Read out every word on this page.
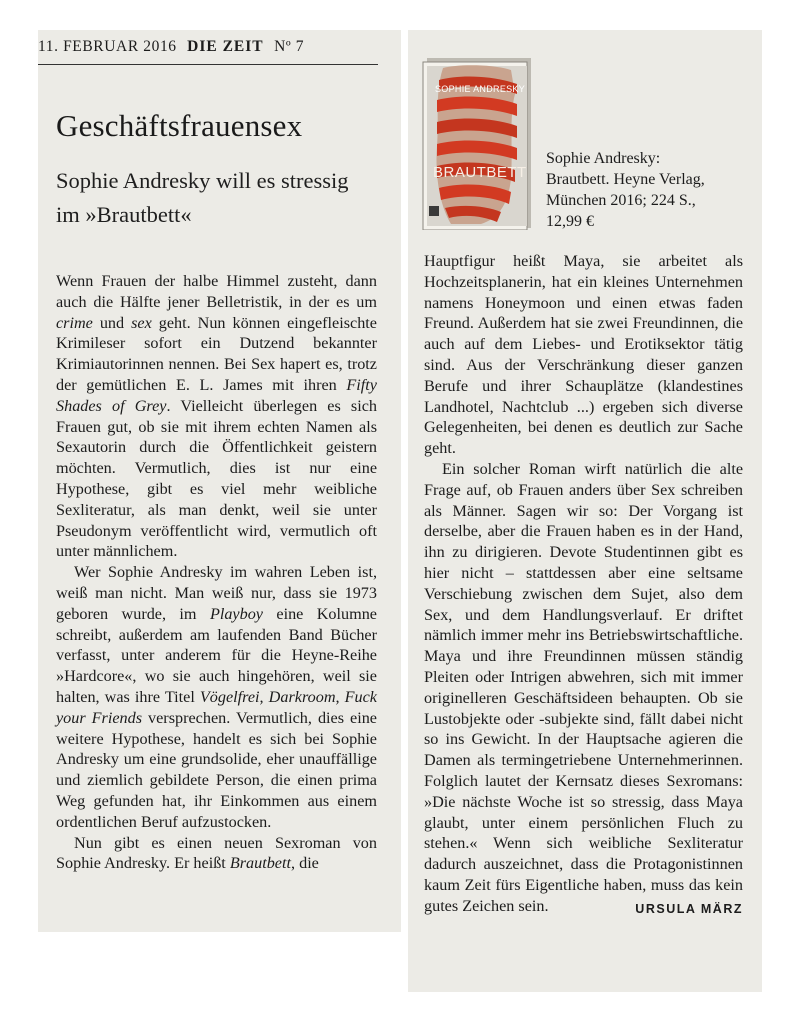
11. FEBRUAR 2016 DIE ZEIT Nº 7
Geschäftsfrauensex
Sophie Andresky will es stressig im »Brautbett«

Wenn Frauen der halbe Himmel zusteht, dann auch die Hälfte jener Belletristik, in der es um crime und sex geht. Nun können eingefleischte Krimileser sofort ein Dutzend bekannter Krimiautorinnen nennen. Bei Sex hapert es, trotz der gemütlichen E. L. James mit ihren Fifty Shades of Grey. Vielleicht überlegen es sich Frauen gut, ob sie mit ihrem echten Namen als Sexautorin durch die Öffentlichkeit geistern möchten. Vermutlich, dies ist nur eine Hypothese, gibt es viel mehr weibliche Sexliteratur, als man denkt, weil sie unter Pseudonym veröffentlicht wird, vermutlich oft unter männlichem.

Wer Sophie Andresky im wahren Leben ist, weiß man nicht. Man weiß nur, dass sie 1973 geboren wurde, im Playboy eine Kolumne schreibt, außerdem am laufenden Band Bücher verfasst, unter anderem für die Heyne-Reihe »Hardcore«, wo sie auch hingehören, weil sie halten, was ihre Titel Vögelfrei, Darkroom, Fuck your Friends versprechen. Vermutlich, dies eine weitere Hypothese, handelt es sich bei Sophie Andresky um eine grundsolide, eher unauffällige und ziemlich gebildete Person, die einen prima Weg gefunden hat, ihr Einkommen aus einem ordentlichen Beruf aufzustocken.

Nun gibt es einen neuen Sexroman von Sophie Andresky. Er heißt Brautbett, die

SOPHIE ANDRESKY
BRAUTBETT
Sophie Andresky:
Brautbett. Heyne Verlag,
München 2016; 224 S.,
12,99 €

Hauptfigur heißt Maya, sie arbeitet als Hochzeitsplanerin, hat ein kleines Unternehmen namens Honeymoon und einen etwas faden Freund. Außerdem hat sie zwei Freundinnen, die auch auf dem Liebes- und Erotiksektor tätig sind. Aus der Verschränkung dieser ganzen Berufe und ihrer Schauplätze (klandestines Landhotel, Nachtclub ...) ergeben sich diverse Gelegenheiten, bei denen es deutlich zur Sache geht.

Ein solcher Roman wirft natürlich die alte Frage auf, ob Frauen anders über Sex schreiben als Männer. Sagen wir so: Der Vorgang ist derselbe, aber die Frauen haben es in der Hand, ihn zu dirigieren. Devote Studentinnen gibt es hier nicht – stattdessen aber eine seltsame Verschiebung zwischen dem Sujet, also dem Sex, und dem Handlungsverlauf. Er driftet nämlich immer mehr ins Betriebswirtschaftliche. Maya und ihre Freundinnen müssen ständig Pleiten oder Intrigen abwehren, sich mit immer originelleren Geschäftsideen behaupten. Ob sie Lustobjekte oder -subjekte sind, fällt dabei nicht so ins Gewicht. In der Hauptsache agieren die Damen als termingetriebene Unternehmerinnen. Folglich lautet der Kernsatz dieses Sexromans: »Die nächste Woche ist so stressig, dass Maya glaubt, unter einem persönlichen Fluch zu stehen.« Wenn sich weibliche Sexliteratur dadurch auszeichnet, dass die Protagonistinnen kaum Zeit fürs Eigentliche haben, muss das kein gutes Zeichen sein.	URSULA MÄRZ
